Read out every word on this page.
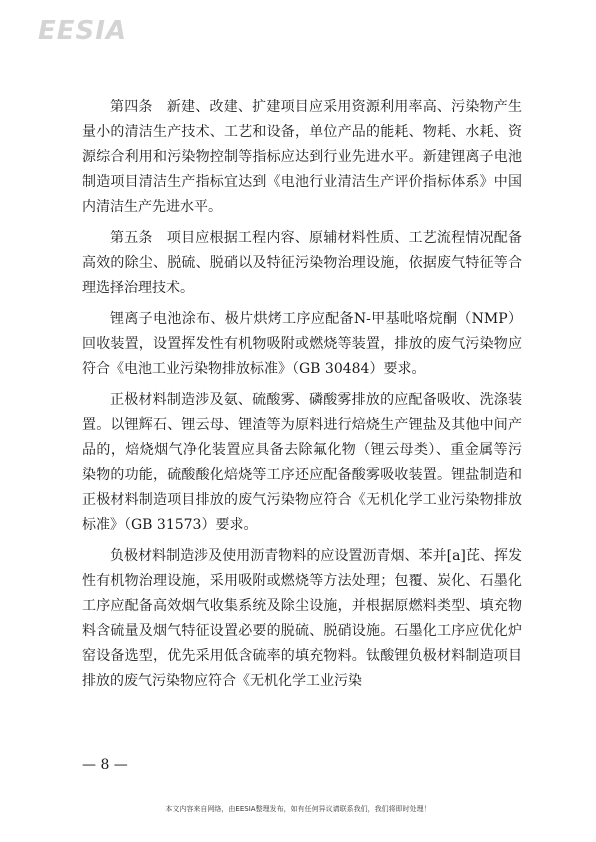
EESIA

第四条　新建、改建、扩建项目应采用资源利用率高、污染物产生量小的清洁生产技术、工艺和设备，单位产品的能耗、物耗、水耗、资源综合利用和污染物控制等指标应达到行业先进水平。新建锂离子电池制造项目清洁生产指标宜达到《电池行业清洁生产评价指标体系》中国内清洁生产先进水平。

第五条　项目应根据工程内容、原辅材料性质、工艺流程情况配备高效的除尘、脱硫、脱硝以及特征污染物治理设施，依据废气特征等合理选择治理技术。

锂离子电池涂布、极片烘烤工序应配备N-甲基吡咯烷酮（NMP）回收装置，设置挥发性有机物吸附或燃烧等装置，排放的废气污染物应符合《电池工业污染物排放标准》（GB 30484）要求。

正极材料制造涉及氨、硫酸雾、磷酸雾排放的应配备吸收、洗涤装置。以锂辉石、锂云母、锂渣等为原料进行焙烧生产锂盐及其他中间产品的，焙烧烟气净化装置应具备去除氟化物（锂云母类）、重金属等污染物的功能，硫酸酸化焙烧等工序还应配备酸雾吸收装置。锂盐制造和正极材料制造项目排放的废气污染物应符合《无机化学工业污染物排放标准》（GB 31573）要求。

负极材料制造涉及使用沥青物料的应设置沥青烟、苯并[a]芘、挥发性有机物治理设施，采用吸附或燃烧等方法处理；包覆、炭化、石墨化工序应配备高效烟气收集系统及除尘设施，并根据原燃料类型、填充物料含硫量及烟气特征设置必要的脱硫、脱硝设施。石墨化工序应优化炉窑设备选型，优先采用低含硫率的填充物料。钛酸锂负极材料制造项目排放的废气污染物应符合《无机化学工业污染

— 8 —
本文内容来自网络，由EESIA整理发布，如有任何异议请联系我们，我们将即时处理！
